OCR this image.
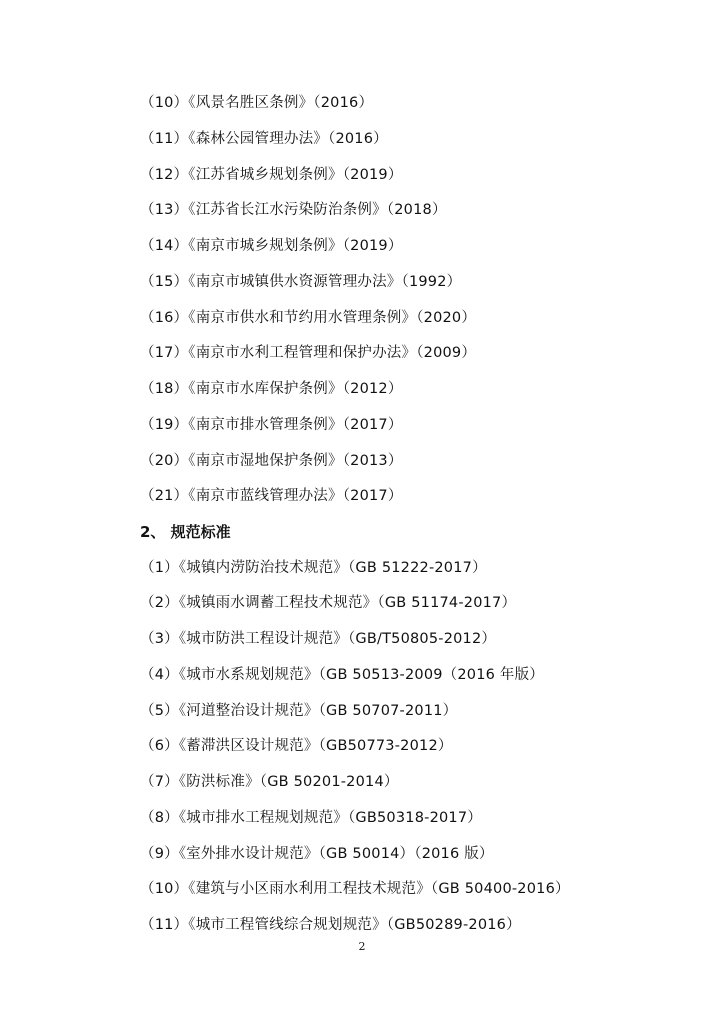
（10）《风景名胜区条例》（2016）
（11）《森林公园管理办法》（2016）
（12）《江苏省城乡规划条例》（2019）
（13）《江苏省长江水污染防治条例》（2018）
（14）《南京市城乡规划条例》（2019）
（15）《南京市城镇供水资源管理办法》（1992）
（16）《南京市供水和节约用水管理条例》（2020）
（17）《南京市水利工程管理和保护办法》（2009）
（18）《南京市水库保护条例》（2012）
（19）《南京市排水管理条例》（2017）
（20）《南京市湿地保护条例》（2013）
（21）《南京市蓝线管理办法》（2017）
2、 规范标准
（1）《城镇内涝防治技术规范》（GB 51222-2017）
（2）《城镇雨水调蓄工程技术规范》（GB 51174-2017）
（3）《城市防洪工程设计规范》（GB/T50805-2012）
（4）《城市水系规划规范》（GB 50513-2009（2016 年版）
（5）《河道整治设计规范》（GB 50707-2011）
（6）《蓄滞洪区设计规范》（GB50773-2012）
（7）《防洪标准》（GB 50201-2014）
（8）《城市排水工程规划规范》（GB50318-2017）
（9）《室外排水设计规范》（GB 50014）（2016 版）
（10）《建筑与小区雨水利用工程技术规范》（GB 50400-2016）
（11）《城市工程管线综合规划规范》（GB50289-2016）
2
